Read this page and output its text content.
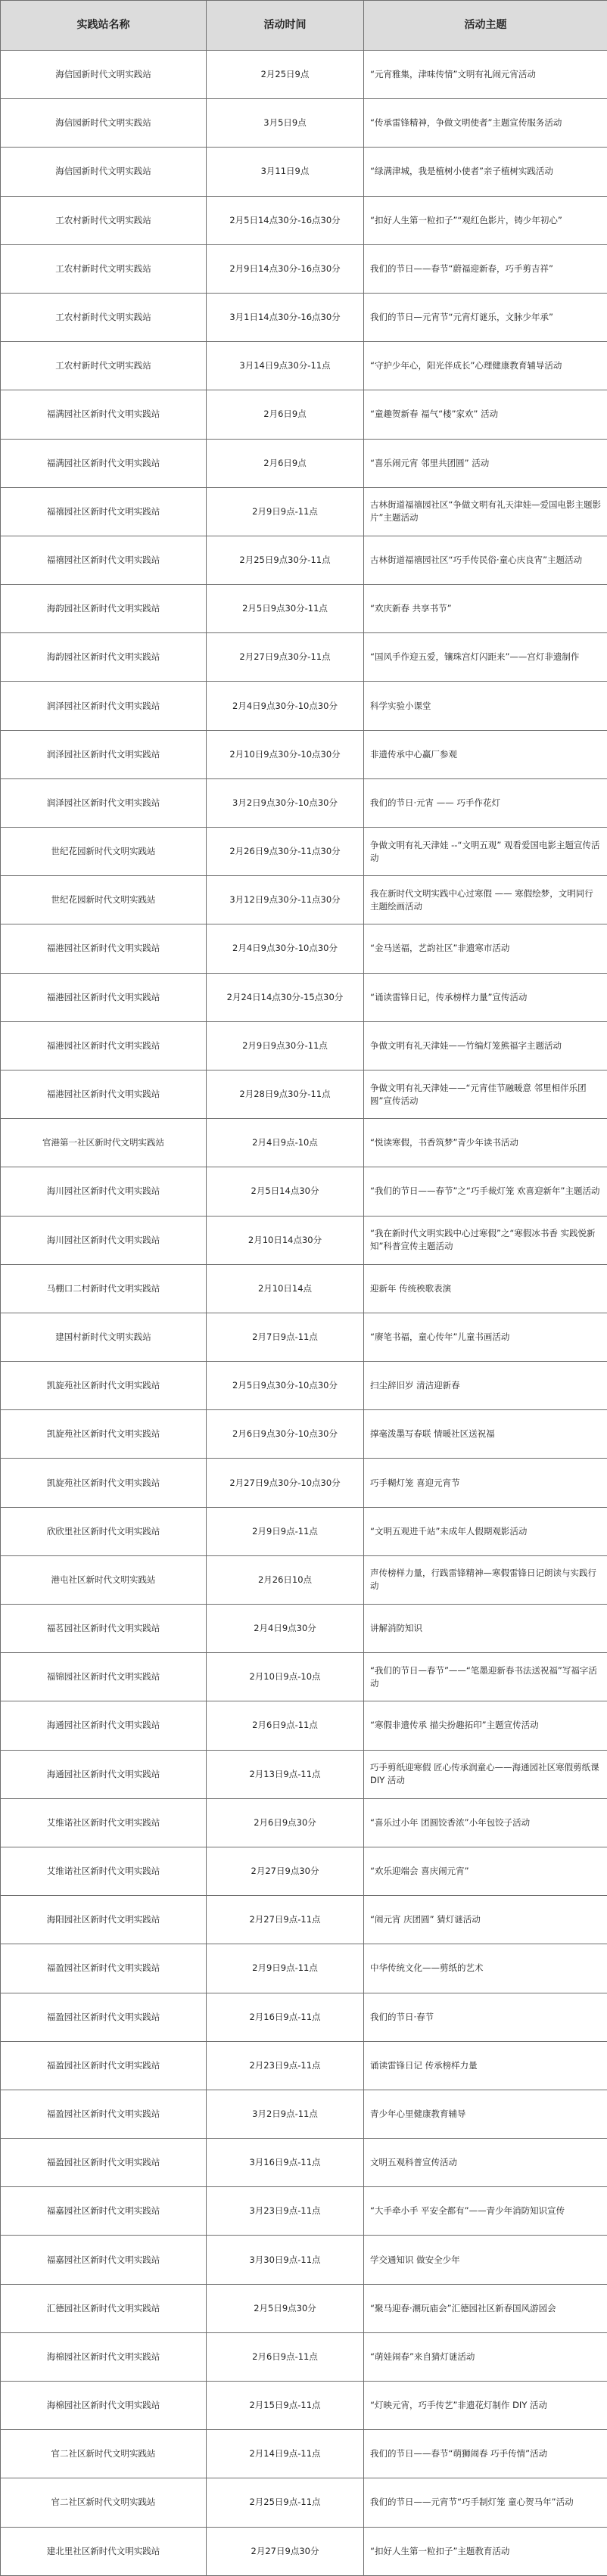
实践站名称	活动时间	活动主题
海信园新时代文明实践站	2月25日9点	“元宵雅集，津味传情”文明有礼闹元宵活动
海信园新时代文明实践站	3月5日9点	“传承雷锋精神，争做文明使者”主题宣传服务活动
海信园新时代文明实践站	3月11日9点	“绿满津城，我是植树小使者”亲子植树实践活动
工农村新时代文明实践站	2月5日14点30分-16点30分	“扣好人生第一粒扣子”“观红色影片，铸少年初心”
工农村新时代文明实践站	2月9日14点30分-16点30分	我们的节日——春节“蔚福迎新春，巧手剪吉祥”
工农村新时代文明实践站	3月1日14点30分-16点30分	我们的节日—元宵节“元宵灯谜乐，文脉少年承”
工农村新时代文明实践站	3月14日9点30分-11点	“守护少年心，阳光伴成长”心理健康教育辅导活动
福满园社区新时代文明实践站	2月6日9点	“童趣贺新春 福气“楼”家欢” 活动
福满园社区新时代文明实践站	2月6日9点	“喜乐闹元宵 邻里共团圆” 活动
福禧园社区新时代文明实践站	2月9日9点-11点	古林街道福禧园社区“争做文明有礼天津娃—爱国电影主题影片”主题活动
福禧园社区新时代文明实践站	2月25日9点30分-11点	古林街道福禧园社区“巧手传民俗·童心庆良宵”主题活动
海韵园社区新时代文明实践站	2月5日9点30分-11点	“欢庆新春 共享书节”
海韵园社区新时代文明实践站	2月27日9点30分-11点	“国风手作迎五爱，镶珠宫灯闪距来”——宫灯非遗制作
润泽园社区新时代文明实践站	2月4日9点30分-10点30分	科学实验小课堂
润泽园社区新时代文明实践站	2月10日9点30分-10点30分	非遗传承中心赢厂参观
润泽园社区新时代文明实践站	3月2日9点30分-10点30分	我们的节日·元宵 —— 巧手作花灯
世纪花园新时代文明实践站	2月26日9点30分-11点30分	争做文明有礼天津娃 --“文明五观” 观看爱国电影主题宣传活动
世纪花园新时代文明实践站	3月12日9点30分-11点30分	我在新时代文明实践中心过寒假 —— 寒假绘梦，文明同行主题绘画活动
福港园社区新时代文明实践站	2月4日9点30分-10点30分	“金马送福，艺韵社区”非遗寒市活动
福港园社区新时代文明实践站	2月24日14点30分-15点30分	“诵读雷锋日记，传承榜样力量”宣传活动
福港园社区新时代文明实践站	2月9日9点30分-11点	争做文明有礼天津娃——竹编灯笼熊福字主题活动
福港园社区新时代文明实践站	2月28日9点30分-11点	争做文明有礼天津娃——“元宵佳节融暖意 邻里相伴乐团圆”宣传活动
官港第一社区新时代文明实践站	2月4日9点-10点	“悦读寒假，书香筑梦”青少年读书活动
海川园社区新时代文明实践站	2月5日14点30分	“我们的节日——春节”之“巧手裁灯笼 欢喜迎新年”主题活动
海川园社区新时代文明实践站	2月10日14点30分	“我在新时代文明实践中心过寒假”之“寒假冰书香 实践悦新知”科普宣传主题活动
马棚口二村新时代文明实践站	2月10日14点	迎新年 传统秧歌表演
建国村新时代文明实践站	2月7日9点-11点	“赓笔书福，童心传年”儿童书画活动
凯旋苑社区新时代文明实践站	2月5日9点30分-10点30分	扫尘辞旧岁 清洁迎新春
凯旋苑社区新时代文明实践站	2月6日9点30分-10点30分	撑毫泼墨写春联 情暖社区送祝福
凯旋苑社区新时代文明实践站	2月27日9点30分-10点30分	巧手糊灯笼 喜迎元宵节
欣欣里社区新时代文明实践站	2月9日9点-11点	“文明五观进千站”未成年人假期观影活动
港屯社区新时代文明实践站	2月26日10点	声传榜样力量，行践雷锋精神—寒假雷锋日记朗读与实践行动
福茗园社区新时代文明实践站	2月4日9点30分	讲解消防知识
福锦园社区新时代文明实践站	2月10日9点-10点	“我们的节日—春节”——“笔墨迎新春书法送祝福”写福字活动
海通园社区新时代文明实践站	2月6日9点-11点	“寒假非遗传承 描尖扮趣拓印”主题宣传活动
海通园社区新时代文明实践站	2月13日9点-11点	巧手剪纸迎寒假 匠心传承润童心——海通园社区寒假剪纸课 DIY 活动
艾维诺社区新时代文明实践站	2月6日9点30分	“喜乐过小年 团圆饺香浓”小年包饺子活动
艾维诺社区新时代文明实践站	2月27日9点30分	“欢乐迎端会 喜庆闹元宵”
海阳园社区新时代文明实践站	2月27日9点-11点	“闹元宵 庆团圆” 猜灯谜活动
福盈园社区新时代文明实践站	2月9日9点-11点	中华传统文化——剪纸的艺术
福盈园社区新时代文明实践站	2月16日9点-11点	我们的节日·春节
福盈园社区新时代文明实践站	2月23日9点-11点	诵读雷锋日记 传承榜样力量
福盈园社区新时代文明实践站	3月2日9点-11点	青少年心里健康教育辅导
福盈园社区新时代文明实践站	3月16日9点-11点	文明五观科普宣传活动
福嘉园社区新时代文明实践站	3月23日9点-11点	“大手牵小手 平安全都有”——青少年消防知识宣传
福嘉园社区新时代文明实践站	3月30日9点-11点	学交通知识 做安全少年
汇德园社区新时代文明实践站	2月5日9点30分	“聚马迎春·潮玩庙会”汇德园社区新春国风游园会
海棉园社区新时代文明实践站	2月6日9点-11点	“萌娃闹春”来自猜灯谜活动
海棉园社区新时代文明实践站	2月15日9点-11点	“灯映元宵，巧手传艺”非遗花灯制作 DIY 活动
官二社区新时代文明实践站	2月14日9点-11点	我们的节日——春节“萌狮闹春 巧手传情”活动
官二社区新时代文明实践站	2月25日9点-11点	我们的节日——元宵节“巧手制灯笼 童心贺马年”活动
建北里社区新时代文明实践站	2月27日9点30分	“扣好人生第一粒扣子”主题教育活动
